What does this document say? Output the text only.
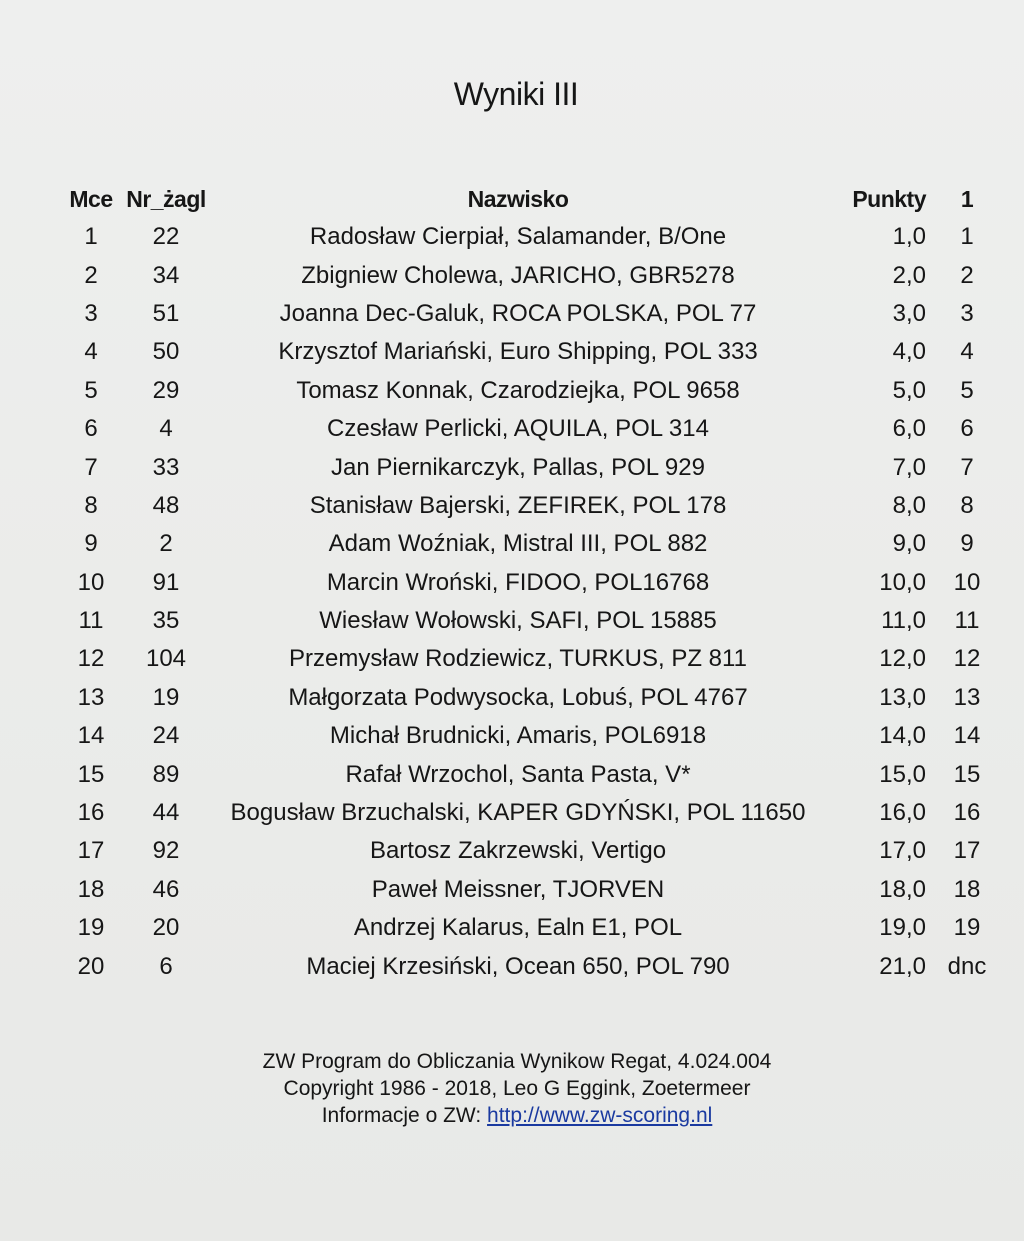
Wyniki III
Mce	Nr_żagl	Nazwisko	Punkty	1
1	22	Radosław Cierpiał, Salamander, B/One	1,0	1
2	34	Zbigniew Cholewa, JARICHO, GBR5278	2,0	2
3	51	Joanna Dec-Galuk, ROCA POLSKA, POL 77	3,0	3
4	50	Krzysztof Mariański, Euro Shipping, POL 333	4,0	4
5	29	Tomasz Konnak, Czarodziejka, POL 9658	5,0	5
6	4	Czesław Perlicki, AQUILA, POL 314	6,0	6
7	33	Jan Piernikarczyk, Pallas, POL 929	7,0	7
8	48	Stanisław Bajerski, ZEFIREK, POL 178	8,0	8
9	2	Adam Woźniak, Mistral III, POL 882	9,0	9
10	91	Marcin Wroński, FIDOO, POL16768	10,0	10
11	35	Wiesław Wołowski, SAFI, POL 15885	11,0	11
12	104	Przemysław Rodziewicz, TURKUS, PZ 811	12,0	12
13	19	Małgorzata Podwysocka, Lobuś, POL 4767	13,0	13
14	24	Michał Brudnicki, Amaris, POL6918	14,0	14
15	89	Rafał Wrzochol, Santa Pasta, V*	15,0	15
16	44	Bogusław Brzuchalski, KAPER GDYŃSKI, POL 11650	16,0	16
17	92	Bartosz Zakrzewski, Vertigo	17,0	17
18	46	Paweł Meissner, TJORVEN	18,0	18
19	20	Andrzej Kalarus, Ealn E1, POL	19,0	19
20	6	Maciej Krzesiński, Ocean 650, POL 790	21,0	dnc
ZW Program do Obliczania Wynikow Regat, 4.024.004
Copyright 1986 - 2018, Leo G Eggink, Zoetermeer
Informacje o ZW: http://www.zw-scoring.nl
